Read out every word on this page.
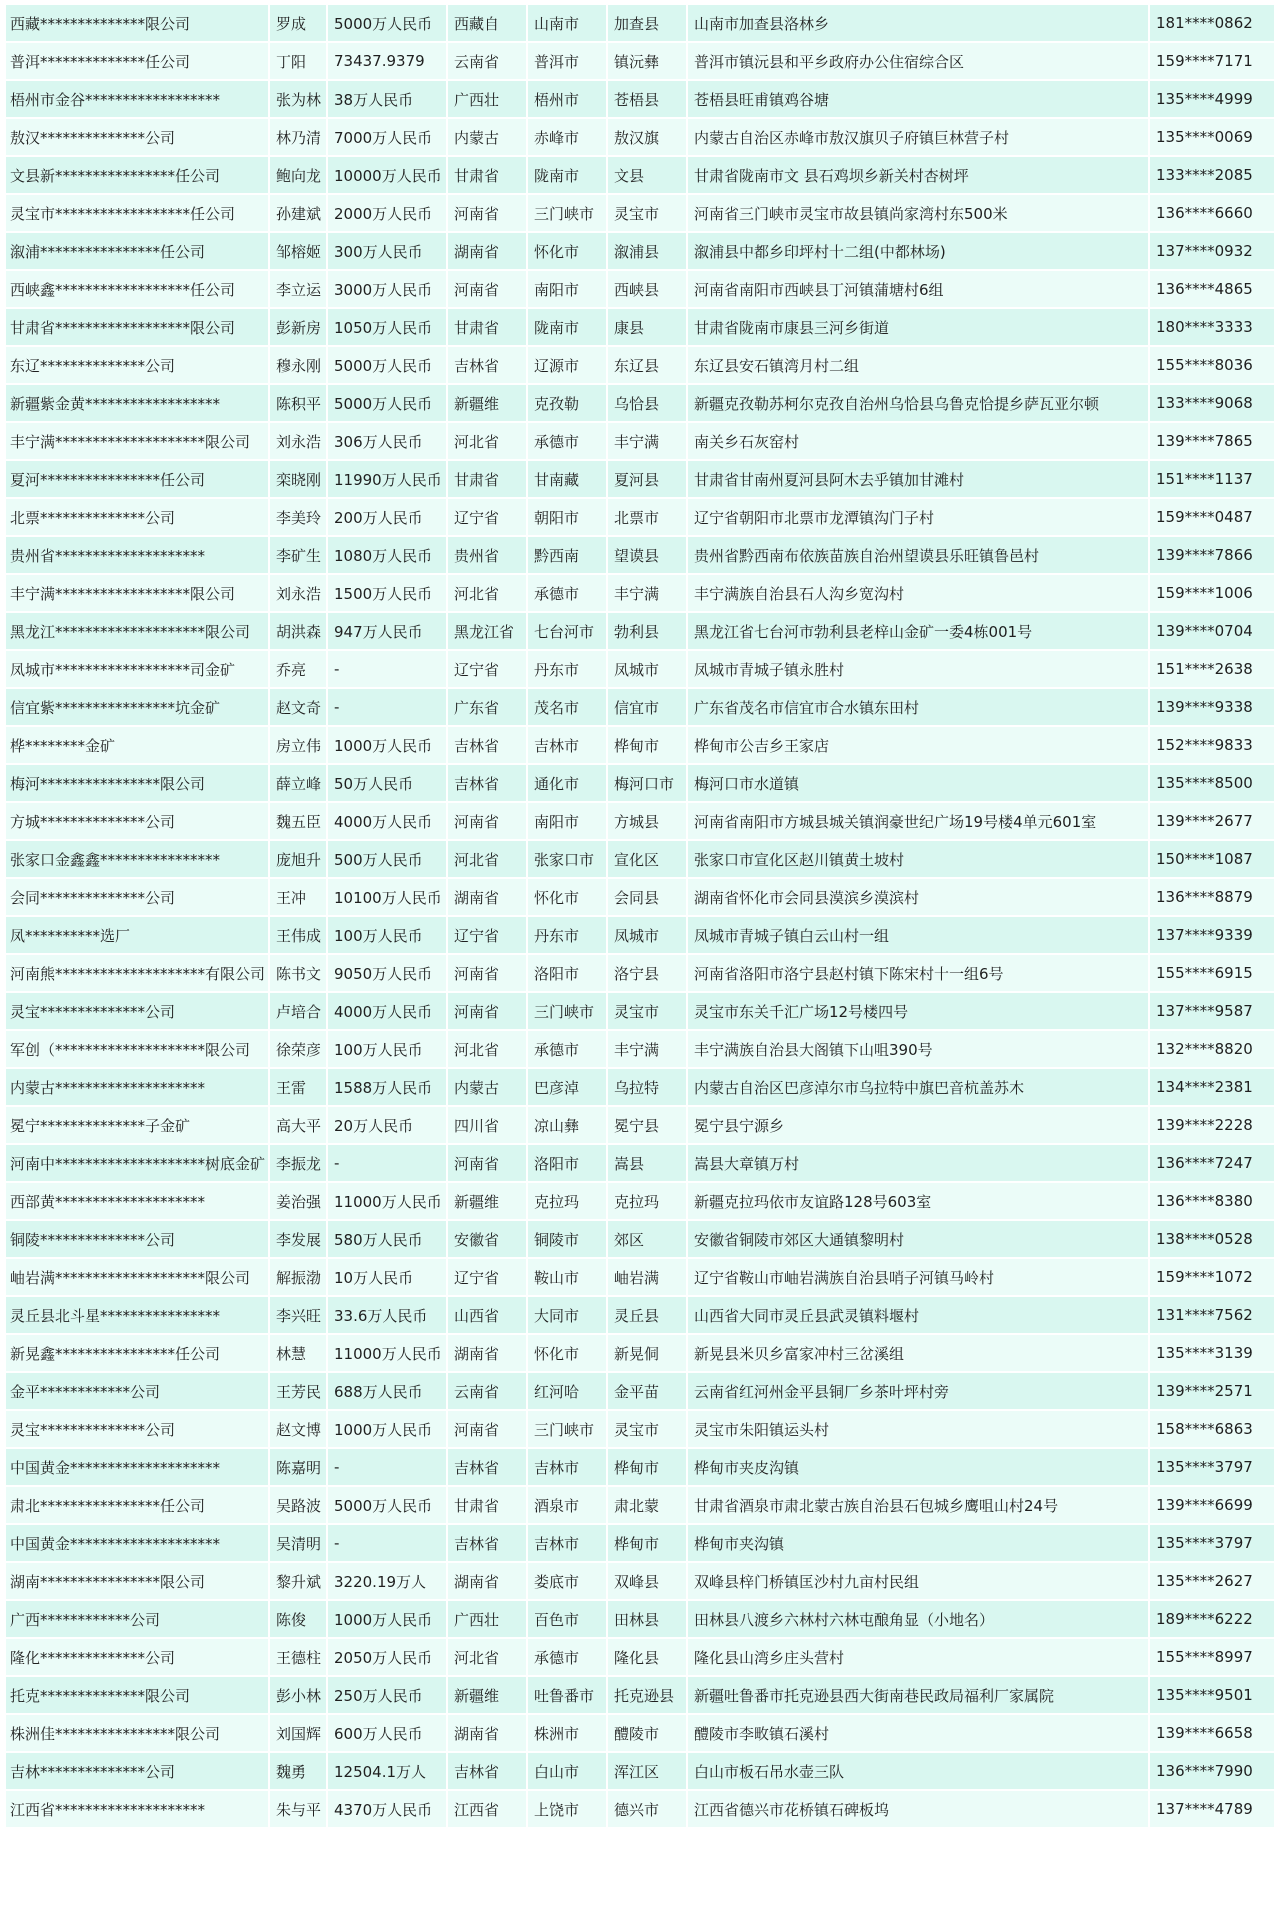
西藏**************限公司	罗成	5000万人民币	西藏自	山南市	加查县	山南市加查县洛林乡	181****0862
普洱**************任公司	丁阳	73437.9379	云南省	普洱市	镇沅彝	普洱市镇沅县和平乡政府办公住宿综合区	159****7171
梧州市金谷******************	张为林	38万人民币	广西壮	梧州市	苍梧县	苍梧县旺甫镇鸡谷塘	135****4999
敖汉**************公司	林乃清	7000万人民币	内蒙古	赤峰市	敖汉旗	内蒙古自治区赤峰市敖汉旗贝子府镇巨林营子村	135****0069
文县新****************任公司	鲍向龙	10000万人民币	甘肃省	陇南市	文县	甘肃省陇南市文 县石鸡坝乡新关村杏树坪	133****2085
灵宝市******************任公司	孙建斌	2000万人民币	河南省	三门峡市	灵宝市	河南省三门峡市灵宝市故县镇尚家湾村东500米	136****6660
溆浦****************任公司	邹榕姬	300万人民币	湖南省	怀化市	溆浦县	溆浦县中都乡印坪村十二组(中都林场)	137****0932
西峡鑫******************任公司	李立运	3000万人民币	河南省	南阳市	西峡县	河南省南阳市西峡县丁河镇蒲塘村6组	136****4865
甘肃省******************限公司	彭新房	1050万人民币	甘肃省	陇南市	康县	甘肃省陇南市康县三河乡街道	180****3333
东辽**************公司	穆永刚	5000万人民币	吉林省	辽源市	东辽县	东辽县安石镇湾月村二组	155****8036
新疆紫金黄******************	陈积平	5000万人民币	新疆维	克孜勒	乌恰县	新疆克孜勒苏柯尔克孜自治州乌恰县乌鲁克恰提乡萨瓦亚尔顿	133****9068
丰宁满********************限公司	刘永浩	306万人民币	河北省	承德市	丰宁满	南关乡石灰窑村	139****7865
夏河****************任公司	栾晓刚	11990万人民币	甘肃省	甘南藏	夏河县	甘肃省甘南州夏河县阿木去乎镇加甘滩村	151****1137
北票**************公司	李美玲	200万人民币	辽宁省	朝阳市	北票市	辽宁省朝阳市北票市龙潭镇沟门子村	159****0487
贵州省********************	李矿生	1080万人民币	贵州省	黔西南	望谟县	贵州省黔西南布依族苗族自治州望谟县乐旺镇鲁邑村	139****7866
丰宁满******************限公司	刘永浩	1500万人民币	河北省	承德市	丰宁满	丰宁满族自治县石人沟乡宽沟村	159****1006
黑龙江********************限公司	胡洪森	947万人民币	黑龙江省	七台河市	勃利县	黑龙江省七台河市勃利县老梓山金矿一委4栋001号	139****0704
凤城市******************司金矿	乔亮	-	辽宁省	丹东市	凤城市	凤城市青城子镇永胜村	151****2638
信宜紫****************坑金矿	赵文奇	-	广东省	茂名市	信宜市	广东省茂名市信宜市合水镇东田村	139****9338
桦********金矿	房立伟	1000万人民币	吉林省	吉林市	桦甸市	桦甸市公吉乡王家店	152****9833
梅河****************限公司	薛立峰	50万人民币	吉林省	通化市	梅河口市	梅河口市水道镇	135****8500
方城**************公司	魏五臣	4000万人民币	河南省	南阳市	方城县	河南省南阳市方城县城关镇润豪世纪广场19号楼4单元601室	139****2677
张家口金鑫鑫****************	庞旭升	500万人民币	河北省	张家口市	宣化区	张家口市宣化区赵川镇黄土坡村	150****1087
会同**************公司	王冲	10100万人民币	湖南省	怀化市	会同县	湖南省怀化市会同县漠滨乡漠滨村	136****8879
凤**********选厂	王伟成	100万人民币	辽宁省	丹东市	凤城市	凤城市青城子镇白云山村一组	137****9339
河南熊********************有限公司	陈书文	9050万人民币	河南省	洛阳市	洛宁县	河南省洛阳市洛宁县赵村镇下陈宋村十一组6号	155****6915
灵宝**************公司	卢培合	4000万人民币	河南省	三门峡市	灵宝市	灵宝市东关千汇广场12号楼四号	137****9587
军创（********************限公司	徐荣彦	100万人民币	河北省	承德市	丰宁满	丰宁满族自治县大阁镇下山咀390号	132****8820
内蒙古********************	王雷	1588万人民币	内蒙古	巴彦淖	乌拉特	内蒙古自治区巴彦淖尔市乌拉特中旗巴音杭盖苏木	134****2381
冕宁**************子金矿	高大平	20万人民币	四川省	凉山彝	冕宁县	冕宁县宁源乡	139****2228
河南中********************树底金矿	李振龙	-	河南省	洛阳市	嵩县	嵩县大章镇万村	136****7247
西部黄********************	姜治强	11000万人民币	新疆维	克拉玛	克拉玛	新疆克拉玛依市友谊路128号603室	136****8380
铜陵**************公司	李发展	580万人民币	安徽省	铜陵市	郊区	安徽省铜陵市郊区大通镇黎明村	138****0528
岫岩满********************限公司	解振渤	10万人民币	辽宁省	鞍山市	岫岩满	辽宁省鞍山市岫岩满族自治县哨子河镇马岭村	159****1072
灵丘县北斗星****************	李兴旺	33.6万人民币	山西省	大同市	灵丘县	山西省大同市灵丘县武灵镇料堰村	131****7562
新晃鑫****************任公司	林慧	11000万人民币	湖南省	怀化市	新晃侗	新晃县米贝乡富家冲村三岔溪组	135****3139
金平************公司	王芳民	688万人民币	云南省	红河哈	金平苗	云南省红河州金平县铜厂乡茶叶坪村旁	139****2571
灵宝**************公司	赵文博	1000万人民币	河南省	三门峡市	灵宝市	灵宝市朱阳镇运头村	158****6863
中国黄金********************	陈嘉明	-	吉林省	吉林市	桦甸市	桦甸市夹皮沟镇	135****3797
肃北****************任公司	吴路波	5000万人民币	甘肃省	酒泉市	肃北蒙	甘肃省酒泉市肃北蒙古族自治县石包城乡鹰咀山村24号	139****6699
中国黄金********************	吴清明	-	吉林省	吉林市	桦甸市	桦甸市夹沟镇	135****3797
湖南****************限公司	黎升斌	3220.19万人	湖南省	娄底市	双峰县	双峰县梓门桥镇匡沙村九亩村民组	135****2627
广西************公司	陈俊	1000万人民币	广西壮	百色市	田林县	田林县八渡乡六林村六林屯酿角显（小地名）	189****6222
隆化**************公司	王德柱	2050万人民币	河北省	承德市	隆化县	隆化县山湾乡庄头营村	155****8997
托克**************限公司	彭小林	250万人民币	新疆维	吐鲁番市	托克逊县	新疆吐鲁番市托克逊县西大街南巷民政局福利厂家属院	135****9501
株洲佳****************限公司	刘国辉	600万人民币	湖南省	株洲市	醴陵市	醴陵市李畋镇石溪村	139****6658
吉林**************公司	魏勇	12504.1万人	吉林省	白山市	浑江区	白山市板石吊水壶三队	136****7990
江西省********************	朱与平	4370万人民币	江西省	上饶市	德兴市	江西省德兴市花桥镇石碑板坞	137****4789
